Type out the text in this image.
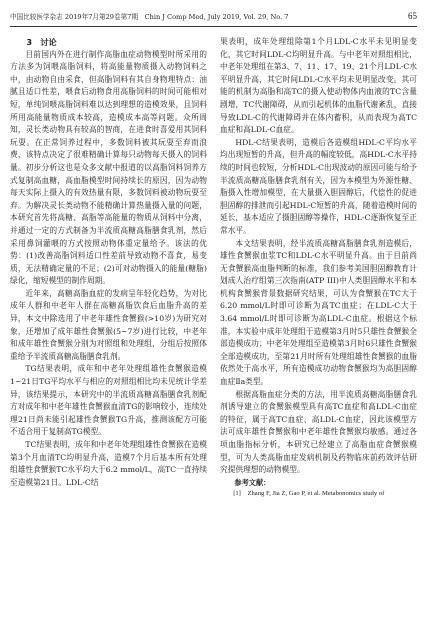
中国比较医学杂志 2019年7月第29卷第7期　Chin J Comp Med, July 2019, Vol. 29, No. 7	65

3　讨论

目前国内外在进行制作高脂血症动物模型时所采用的方法多为饲喂高脂饲料，将高能量物质摄入动物饲料之中，由动物自由采食，但高脂饲料有其自身物理特点：油腻且适口性差，喂食后动物食用高脂饲料的时间可能相对短，单纯饲喂高脂饲料难以达到理想的造模效果，且饲料所用高能量物质成本较高，造模成本高等问题。众所周知，灵长类动物具有较高的智商，在进食时喜爱用其饲料玩耍。在正常饲养过程中，多数饲料被其玩耍至弃而浪费，该特点决定了很难精确计算每只动物每天摄入的饲料量。初步分析这也是众多文献中报道的以高脂饲料饲养方式复制高血糖，高血脂模型时间持续长的原因，因为动物每天实际上摄入的有效热量有限，多数饲料被动物玩耍至弃。为解决灵长类动物不能精确计算热量摄入量的问题，本研究首先将高糖、高脂等高能量的物质从饲料中分离，并通过一定的方式制备为半流质高糖高脂膳食乳剂，然后采用鼻饲灌喂的方式按照动物体重定量给予。该法的优势：(1)改善高脂饲料适口性差前导致动物不喜食，易变质，无法精确定量的不足；(2)可对动物摄入的能量(糖脂)绿化，缩短模型的制作周期。

近年来，高糖高脂血症的发病呈年轻化趋势，为对比成年人群和中老年人群在高糖高脂饮食后血脂升高的差异，本文中除选用了中老年雄性食蟹猴(>10岁)为研究对象，还增加了成年雄性食蟹猴(5~7岁)进行比较，中老年和成年雄性食蟹猴分别为对照组和处理组，分组后按照体重给予半流质高糖高脂膳食乳剂。

TG结果表明，成年和中老年处理组雄性食蟹猴造模1~21日TG平均水平与相应的对照组相比均未见统计学差异，该结果提示，本研究中的半流质高糖高脂膳食乳剂配方对成年和中老年雄性食蟹猴血清TG的影响较小，连续处理21日尚未能引起雄性食蟹猴TG升高，推测该配方可能不适合用于复制高TG模型。

TC结果表明，成年和中老年处理组雄性食蟹猴在造模第3个月血清TC均明显升高，造模7个月后基本所有处理组雄性食蟹猴TC水平均大于6.2 mmol/L，高TC一直持续至造模第21日。LDL-C结

果表明，成年处理组除第1个月LDL-C水平未见明显变化，其它时间LDL-C均明显升高。与中老年对照组相比，中老年处理组在第3、7、11、17、19、21个月LDL-C水平明显升高，其它时间LDL-C水平均未见明显改变。其可能的机制为高脂和高TC的摄入使动物体内血液的TC含量剧增，TC代谢障碍，从而引起机体的血脂代谢紊乱，直接导致LDL-C的代谢障碍并在体内蓄积，从而表现为高TC血症和高LDL-C血症。

HDL-C结果表明，造模后各造模组HDL-C平均水平均出现短暂的升高，但升高的幅度较低，高HDL-C水平持续的时间也较短，分析HDL-C出现波动的原因可能与给予半流质高糖高脂膳食乳剂有关，因为本模型为外源性糖、脂摄入性增加模型，在大量摄入胆固醇后，代偿性的促进胆固醇的排泄而引起HDL-C短暂的升高，随着造模时间的延长，基本适应了摄胆固醇等操作，HDL-C逐渐恢复至正常水平。

本文结果表明，经半流质高糖高脂膳食乳剂造模后，雄性食蟹猴血浆TC和LDL-C水平明显升高。由于目前尚无食蟹猴高血脂判断的标准，我们参考美国胆固醇教育计划成人治疗组第三次指南(ATP III)中人类胆固醇水平和本机构食蟹猴背景数据研究结果，可认为食蟹猴在TC大于6.20 mmol/L时即可诊断为高TC血症；在LDL-C大于3.64 mmol/L时即可诊断为高LDL-C血症。根据这个标准，本实验中成年处理组于造模第3月时5只雄性食蟹猴全部造模成功；中老年处理组至造模第3月时6只雄性食蟹猴全部造模成功，至第21月时所有处理组雄性食蟹猴的血脂依然处于高水平，所有造模成功动物食蟹猴均为高胆固醇血症Ⅱa类型。

根据高脂血症分类的方法，用半流质高糖高脂膳食乳剂诱导建立的食蟹猴模型具有高TC血症和高LDL-C血症的特征，属于高TC血症、高LDL-C血症，因此该模型方法可成年雄性食蟹猴和中老年雄性食蟹猴均敏感。通过各项血脂指标分析，本研究已经建立了高脂血症食蟹猴模型，可为人类高脂血症发病机制及药物临床前药效评估研究提供理想的动物模型。

参考文献：

[1]　Zhang F, Jia Z, Gao P, et al. Metabonomics study of
